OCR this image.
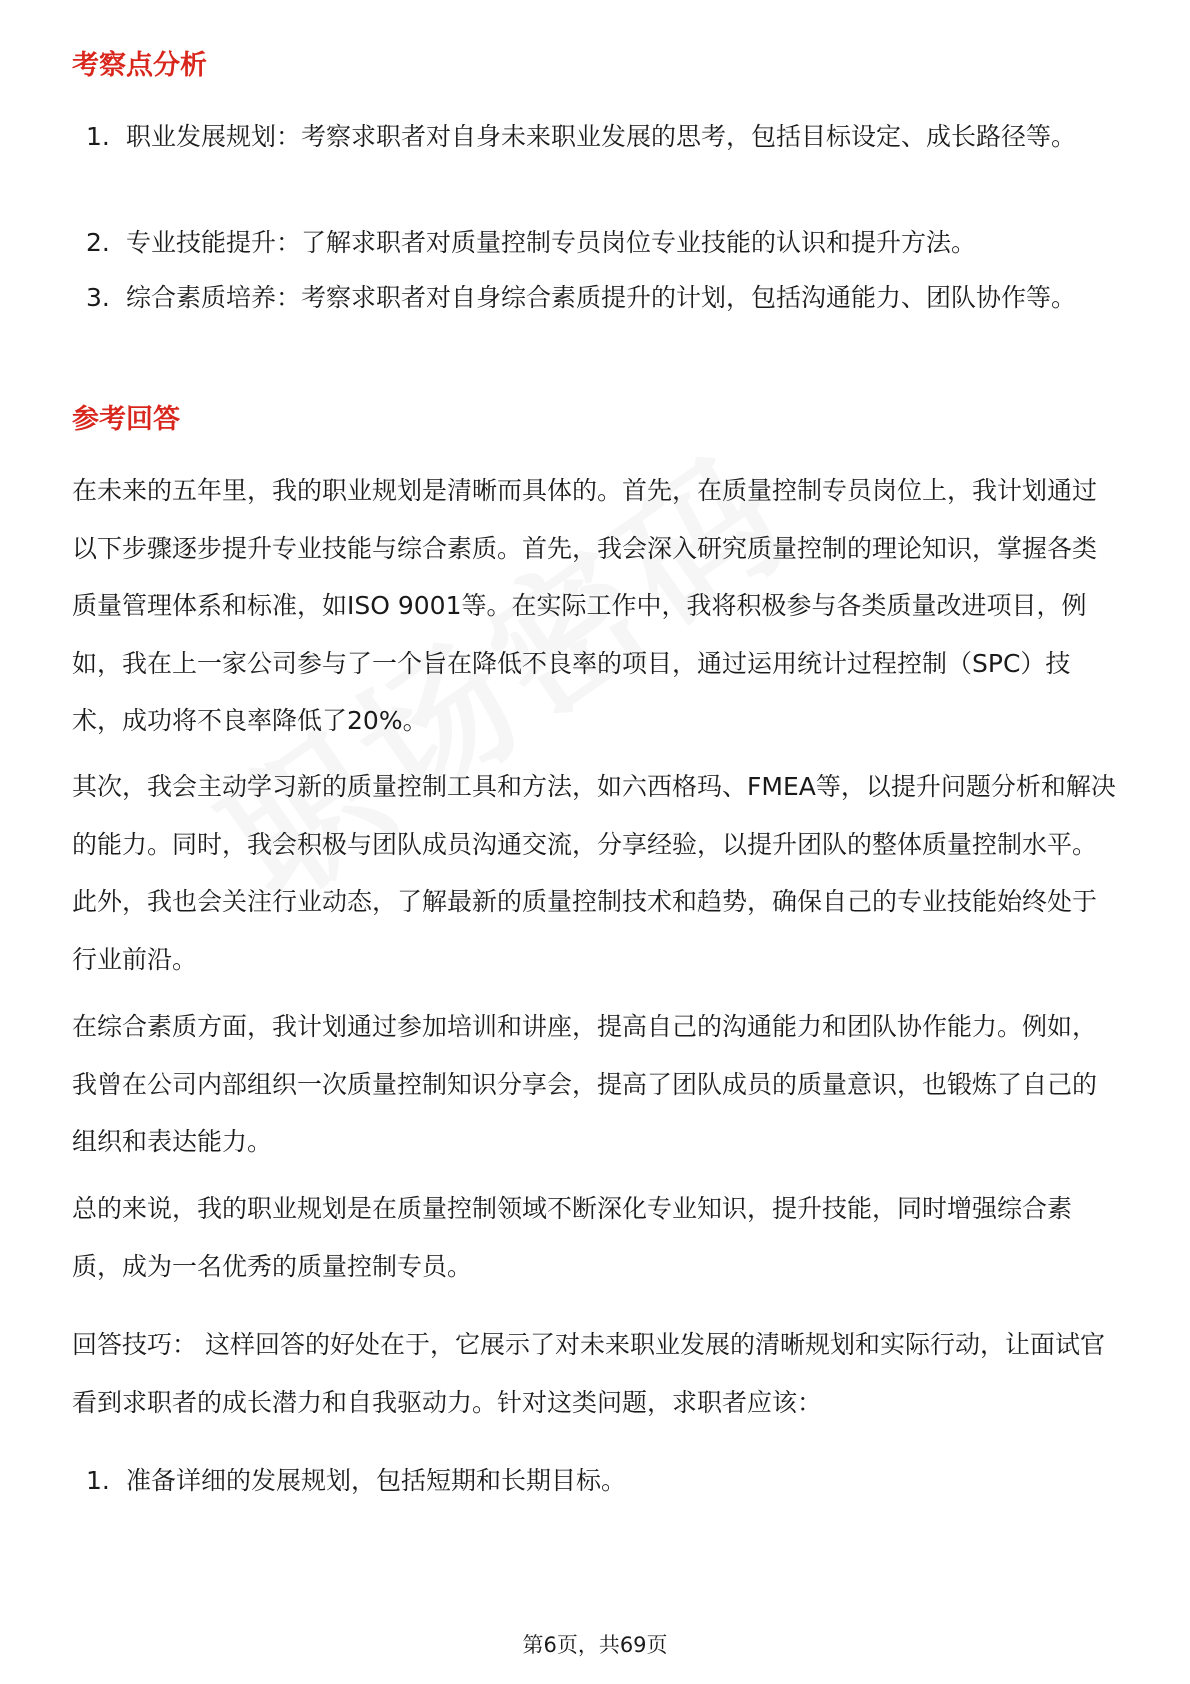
考察点分析
1. 职业发展规划：考察求职者对自身未来职业发展的思考，包括目标设定、成长路径等。
2. 专业技能提升：了解求职者对质量控制专员岗位专业技能的认识和提升方法。
3. 综合素质培养：考察求职者对自身综合素质提升的计划，包括沟通能力、团队协作等。
参考回答

在未来的五年里，我的职业规划是清晰而具体的。首先，在质量控制专员岗位上，我计划通过以下步骤逐步提升专业技能与综合素质。首先，我会深入研究质量控制的理论知识，掌握各类质量管理体系和标准，如ISO 9001等。在实际工作中，我将积极参与各类质量改进项目，例如，我在上一家公司参与了一个旨在降低不良率的项目，通过运用统计过程控制（SPC）技术，成功将不良率降低了20%。

其次，我会主动学习新的质量控制工具和方法，如六西格玛、FMEA等，以提升问题分析和解决的能力。同时，我会积极与团队成员沟通交流，分享经验，以提升团队的整体质量控制水平。此外，我也会关注行业动态，了解最新的质量控制技术和趋势，确保自己的专业技能始终处于行业前沿。

在综合素质方面，我计划通过参加培训和讲座，提高自己的沟通能力和团队协作能力。例如，我曾在公司内部组织一次质量控制知识分享会，提高了团队成员的质量意识，也锻炼了自己的组织和表达能力。

总的来说，我的职业规划是在质量控制领域不断深化专业知识，提升技能，同时增强综合素质，成为一名优秀的质量控制专员。

回答技巧： 这样回答的好处在于，它展示了对未来职业发展的清晰规划和实际行动，让面试官看到求职者的成长潜力和自我驱动力。针对这类问题，求职者应该：

1. 准备详细的发展规划，包括短期和长期目标。
第6页，共69页
